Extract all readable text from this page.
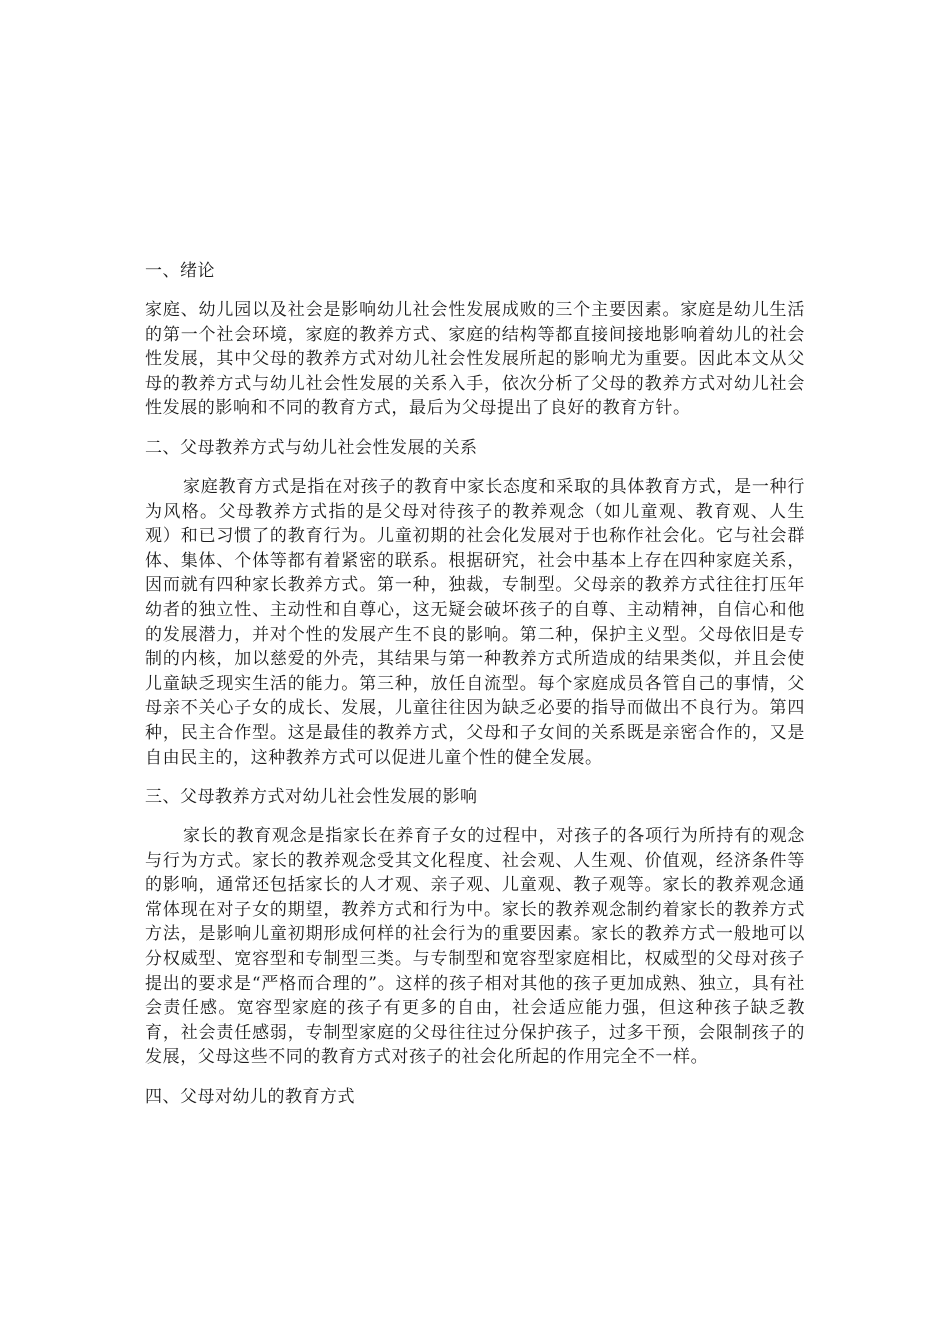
一、绪论
家庭、幼儿园以及社会是影响幼儿社会性发展成败的三个主要因素。家庭是幼儿生活的第一个社会环境，家庭的教养方式、家庭的结构等都直接间接地影响着幼儿的社会性发展，其中父母的教养方式对幼儿社会性发展所起的影响尤为重要。因此本文从父母的教养方式与幼儿社会性发展的关系入手，依次分析了父母的教养方式对幼儿社会性发展的影响和不同的教育方式，最后为父母提出了良好的教育方针。
二、父母教养方式与幼儿社会性发展的关系
家庭教育方式是指在对孩子的教育中家长态度和采取的具体教育方式，是一种行为风格。父母教养方式指的是父母对待孩子的教养观念（如儿童观、教育观、人生观）和已习惯了的教育行为。儿童初期的社会化发展对于也称作社会化。它与社会群体、集体、个体等都有着紧密的联系。根据研究，社会中基本上存在四种家庭关系，因而就有四种家长教养方式。第一种，独裁，专制型。父母亲的教养方式往往打压年幼者的独立性、主动性和自尊心，这无疑会破坏孩子的自尊、主动精神，自信心和他的发展潜力，并对个性的发展产生不良的影响。第二种，保护主义型。父母依旧是专制的内核，加以慈爱的外壳，其结果与第一种教养方式所造成的结果类似，并且会使儿童缺乏现实生活的能力。第三种，放任自流型。每个家庭成员各管自己的事情，父母亲不关心子女的成长、发展，儿童往往因为缺乏必要的指导而做出不良行为。第四种，民主合作型。这是最佳的教养方式，父母和子女间的关系既是亲密合作的，又是自由民主的，这种教养方式可以促进儿童个性的健全发展。
三、父母教养方式对幼儿社会性发展的影响
家长的教育观念是指家长在养育子女的过程中，对孩子的各项行为所持有的观念与行为方式。家长的教养观念受其文化程度、社会观、人生观、价值观，经济条件等的影响，通常还包括家长的人才观、亲子观、儿童观、教子观等。家长的教养观念通常体现在对子女的期望，教养方式和行为中。家长的教养观念制约着家长的教养方式方法，是影响儿童初期形成何样的社会行为的重要因素。家长的教养方式一般地可以分权威型、宽容型和专制型三类。与专制型和宽容型家庭相比，权威型的父母对孩子提出的要求是“严格而合理的”。这样的孩子相对其他的孩子更加成熟、独立，具有社会责任感。宽容型家庭的孩子有更多的自由，社会适应能力强，但这种孩子缺乏教育，社会责任感弱，专制型家庭的父母往往过分保护孩子，过多干预，会限制孩子的发展，父母这些不同的教育方式对孩子的社会化所起的作用完全不一样。
四、父母对幼儿的教育方式
